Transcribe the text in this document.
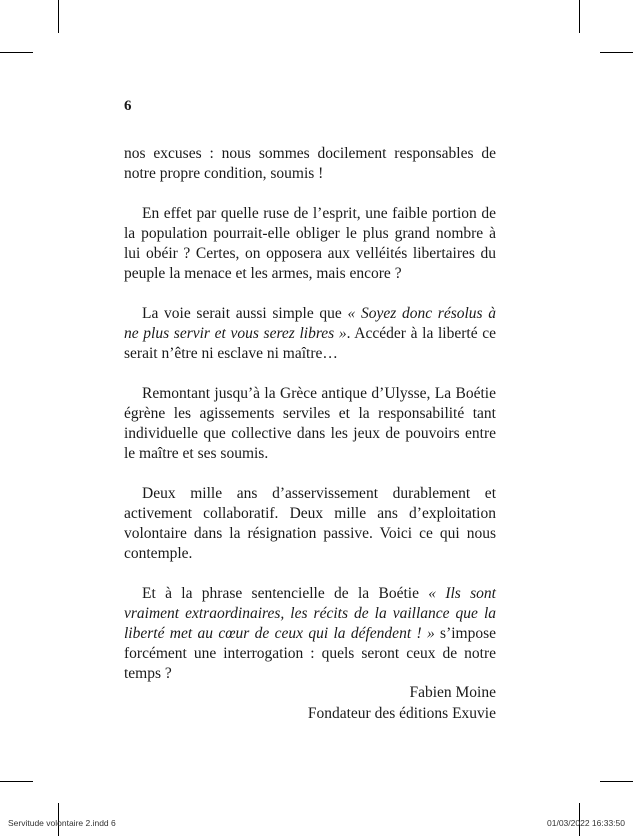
6

nos excuses : nous sommes docilement responsables de notre propre condition, soumis !

En effet par quelle ruse de l’esprit, une faible portion de la population pourrait-elle obliger le plus grand nombre à lui obéir ? Certes, on opposera aux velléités libertaires du peuple la menace et les armes, mais encore ?

La voie serait aussi simple que « Soyez donc résolus à ne plus servir et vous serez libres ». Accéder à la liberté ce serait n’être ni esclave ni maître…

Remontant jusqu’à la Grèce antique d’Ulysse, La Boétie égrène les agissements serviles et la responsabilité tant individuelle que collective dans les jeux de pouvoirs entre le maître et ses soumis.

Deux mille ans d’asservissement durablement et activement collaboratif. Deux mille ans d’exploitation volontaire dans la résignation passive. Voici ce qui nous contemple.

Et à la phrase sentencielle de la Boétie « Ils sont vraiment extraordinaires, les récits de la vaillance que la liberté met au cœur de ceux qui la défendent ! » s’impose forcément une interrogation : quels seront ceux de notre temps ?

Fabien Moine
Fondateur des éditions Exuvie
Servitude volontaire 2.indd 6	01/03/2022 16:33:50
